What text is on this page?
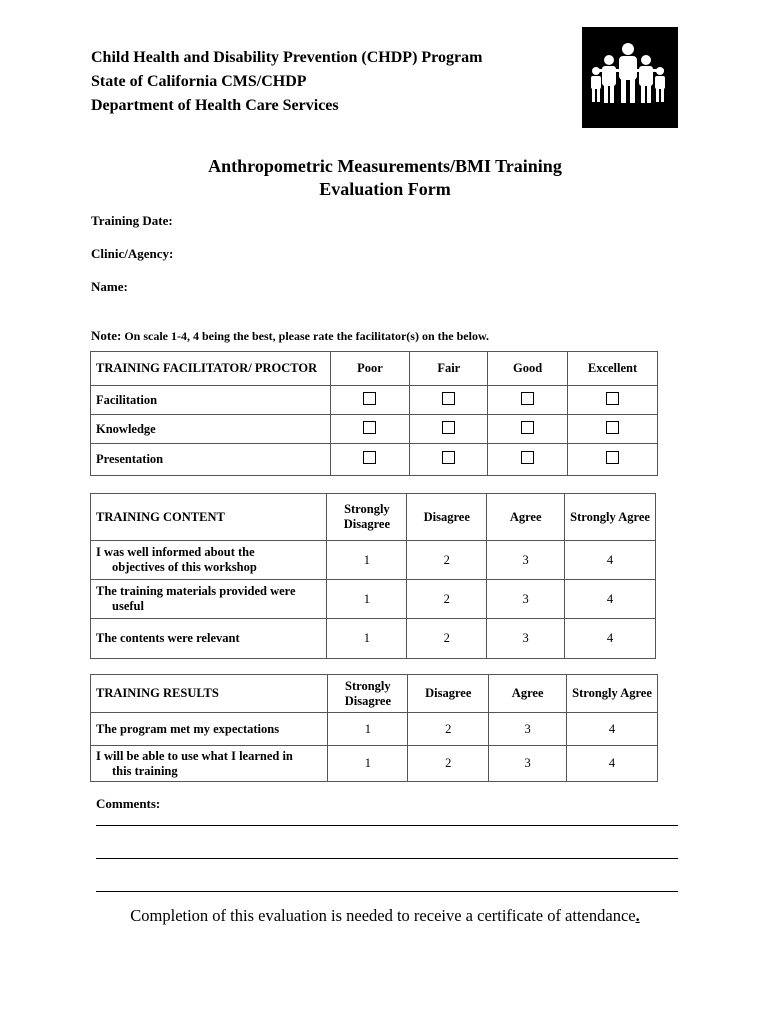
Child Health and Disability Prevention (CHDP) Program
State of California CMS/CHDP
Department of Health Care Services
Anthropometric Measurements/BMI Training
Evaluation Form
Training Date:
Clinic/Agency:
Name:
Note: On scale 1-4, 4 being the best, please rate the facilitator(s) on the below.
TRAINING FACILITATOR/ PROCTOR	Poor	Fair	Good	Excellent
Facilitation				
Knowledge				
Presentation				
TRAINING CONTENT	Strongly Disagree	Disagree	Agree	Strongly Agree

I was well informed about the
objectives of this workshop	1	2	3	4

The training materials provided were
useful	1	2	3	4
The contents were relevant	1	2	3	4
TRAINING RESULTS	Strongly Disagree	Disagree	Agree	Strongly Agree
The program met my expectations	1	2	3	4

I will be able to use what I learned in
this training	1	2	3	4
Comments:
Completion of this evaluation is needed to receive a certificate of attendance.
